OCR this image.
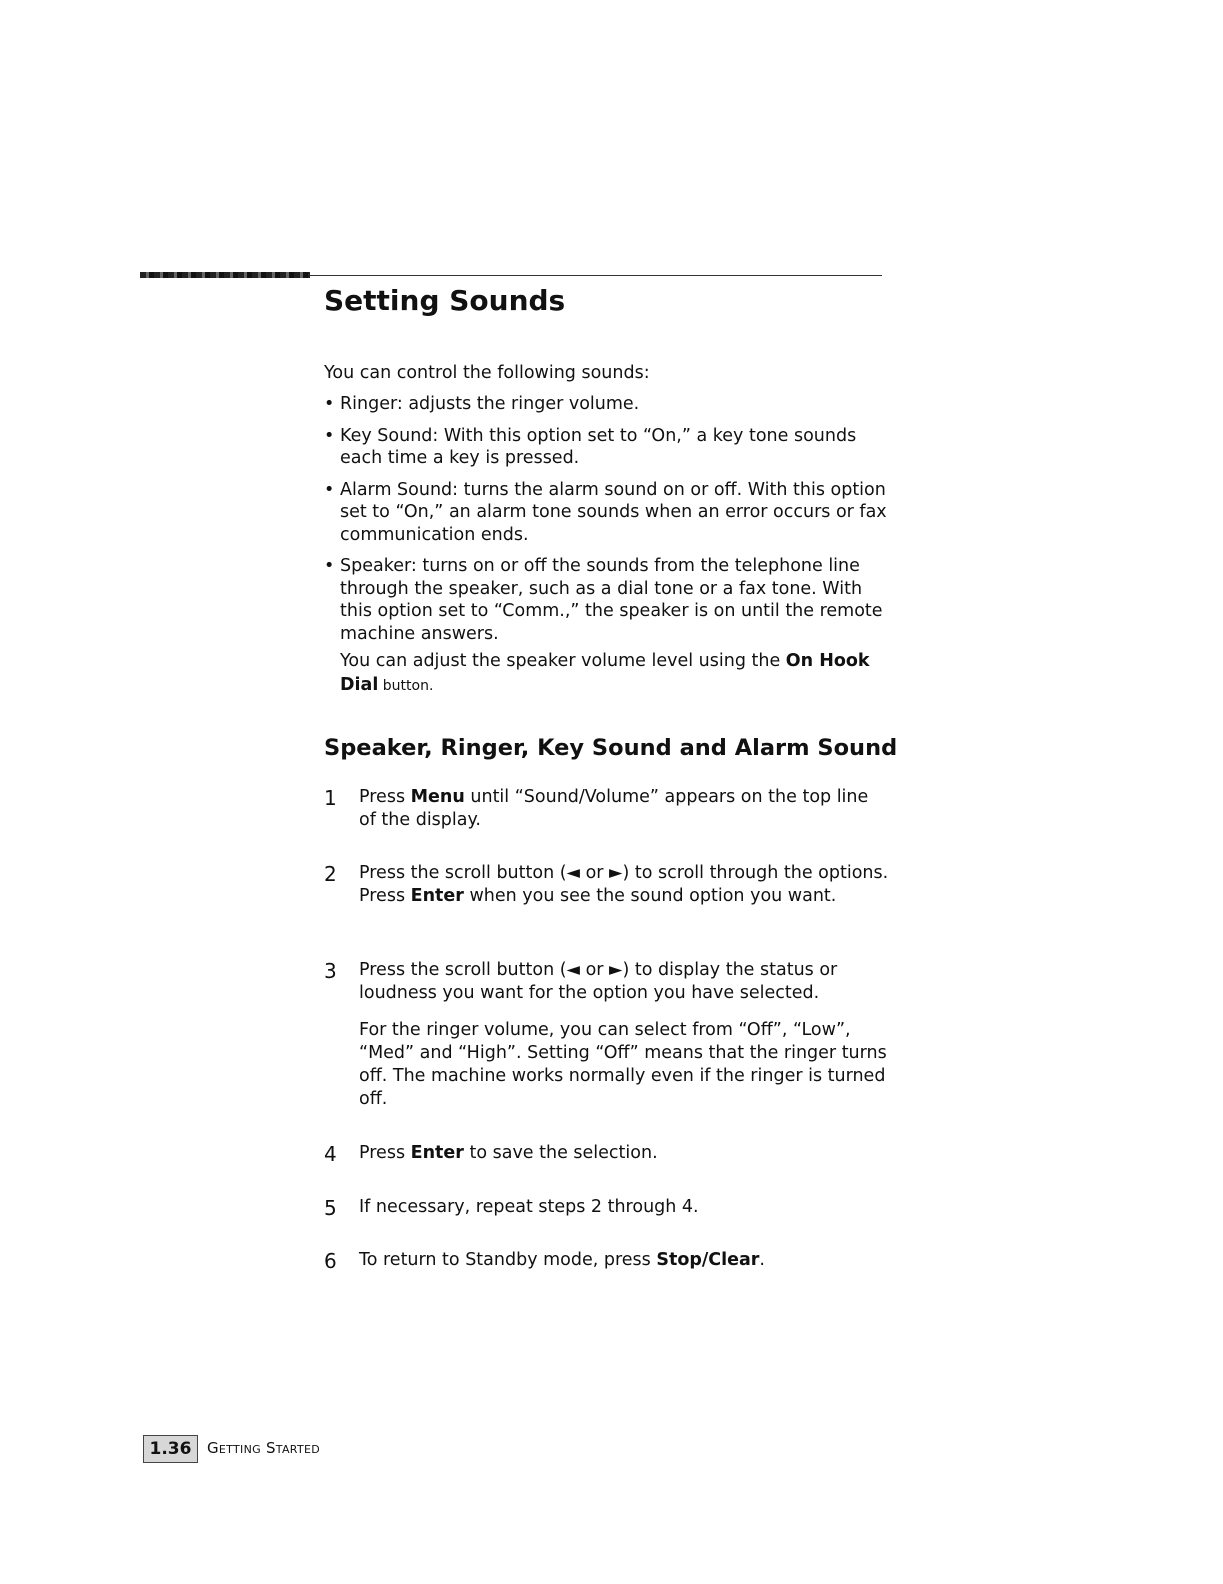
Setting Sounds

You can control the following sounds:

• Ringer: adjusts the ringer volume.
• Key Sound: With this option set to “On,” a key tone sounds each time a key is pressed.
• Alarm Sound: turns the alarm sound on or off. With this option set to “On,” an alarm tone sounds when an error occurs or fax communication ends.
• Speaker: turns on or off the sounds from the telephone line through the speaker, such as a dial tone or a fax tone. With this option set to “Comm.,” the speaker is on until the remote machine answers.

You can adjust the speaker volume level using the On Hook Dial button.

Speaker, Ringer, Key Sound and Alarm Sound
1 Press Menu until “Sound/Volume” appears on the top line of the display.
2 Press the scroll button (◄ or ►) to scroll through the options. Press Enter when you see the sound option you want.
3 Press the scroll button (◄ or ►) to display the status or loudness you want for the option you have selected.

For the ringer volume, you can select from “Off”, “Low”, “Med” and “High”. Setting “Off” means that the ringer turns off. The machine works normally even if the ringer is turned off.

4 Press Enter to save the selection.
5 If necessary, repeat steps 2 through 4.
6 To return to Standby mode, press Stop/Clear.
1.36	Getting Started
